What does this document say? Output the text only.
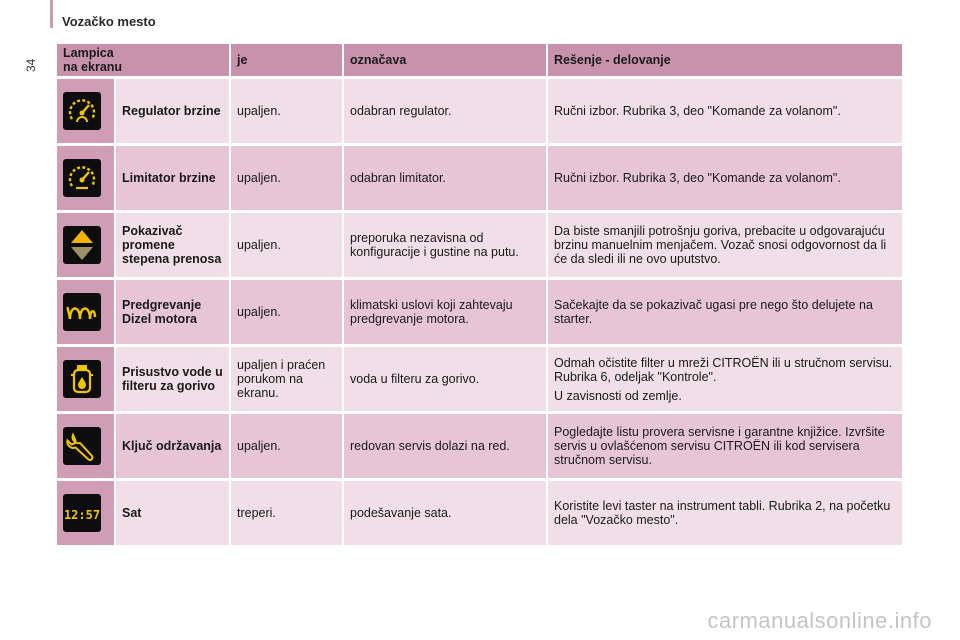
Vozačko mesto
34
Lampica
na ekranu		je	označava	Rešenje - delovanje

	Regulator brzine	upaljen.	odabran regulator.	Ručni izbor. Rubrika 3, deo "Komande za volanom".

	Limitator brzine	upaljen.	odabran limitator.	Ručni izbor. Rubrika 3, deo "Komande za volanom".

	Pokazivač promene stepena prenosa	upaljen.	preporuka nezavisna od konfiguracije i gustine na putu.	Da biste smanjili potrošnju goriva, prebacite u odgovarajuću brzinu manuelnim menjačem. Vozač snosi odgovornost da li će da sledi ili ne ovo uputstvo.

	Predgrevanje Dizel motora	upaljen.	klimatski uslovi koji zahtevaju predgrevanje motora.	Sačekajte da se pokazivač ugasi pre nego što delujete na starter.

	Prisustvo vode u filteru za gorivo	upaljen i praćen porukom na ekranu.	voda u filteru za gorivo.	Odmah očistite filter u mreži CITROËN ili u stručnom servisu. Rubrika 6, odeljak "Kontrole".

U zavisnosti od zemlje.

	Ključ održavanja	upaljen.	redovan servis dolazi na red.	Pogledajte listu provera servisne i garantne knjižice. Izvršite servis u ovlašćenom servisu CITROËN ili kod servisera stručnom servisu.

12:57	Sat	treperi.	podešavanje sata.	Koristite levi taster na instrument tabli. Rubrika 2, na početku dela "Vozačko mesto".

carmanualsonline.info
